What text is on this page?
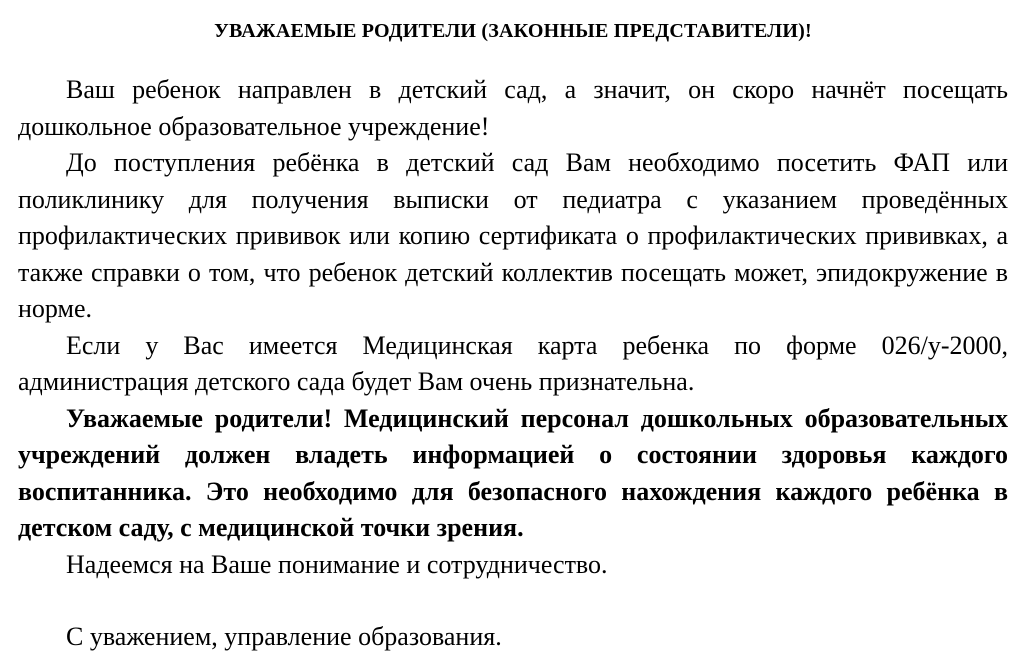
УВАЖАЕМЫЕ РОДИТЕЛИ (ЗАКОННЫЕ ПРЕДСТАВИТЕЛИ)!

Ваш ребенок направлен в детский сад, а значит, он скоро начнёт посещать дошкольное образовательное учреждение!

До поступления ребёнка в детский сад Вам необходимо посетить ФАП или поликлинику для получения выписки от педиатра с указанием проведённых профилактических прививок или копию сертификата о профилактических прививках, а также справки о том, что ребенок детский коллектив посещать может, эпидокружение в норме.

Если у Вас имеется Медицинская карта ребенка по форме 026/у-2000, администрация детского сада будет Вам очень признательна.

Уважаемые родители! Медицинский персонал дошкольных образовательных учреждений должен владеть информацией о состоянии здоровья каждого воспитанника. Это необходимо для безопасного нахождения каждого ребёнка в детском саду, с медицинской точки зрения.

Надеемся на Ваше понимание и сотрудничество.

С уважением, управление образования.
